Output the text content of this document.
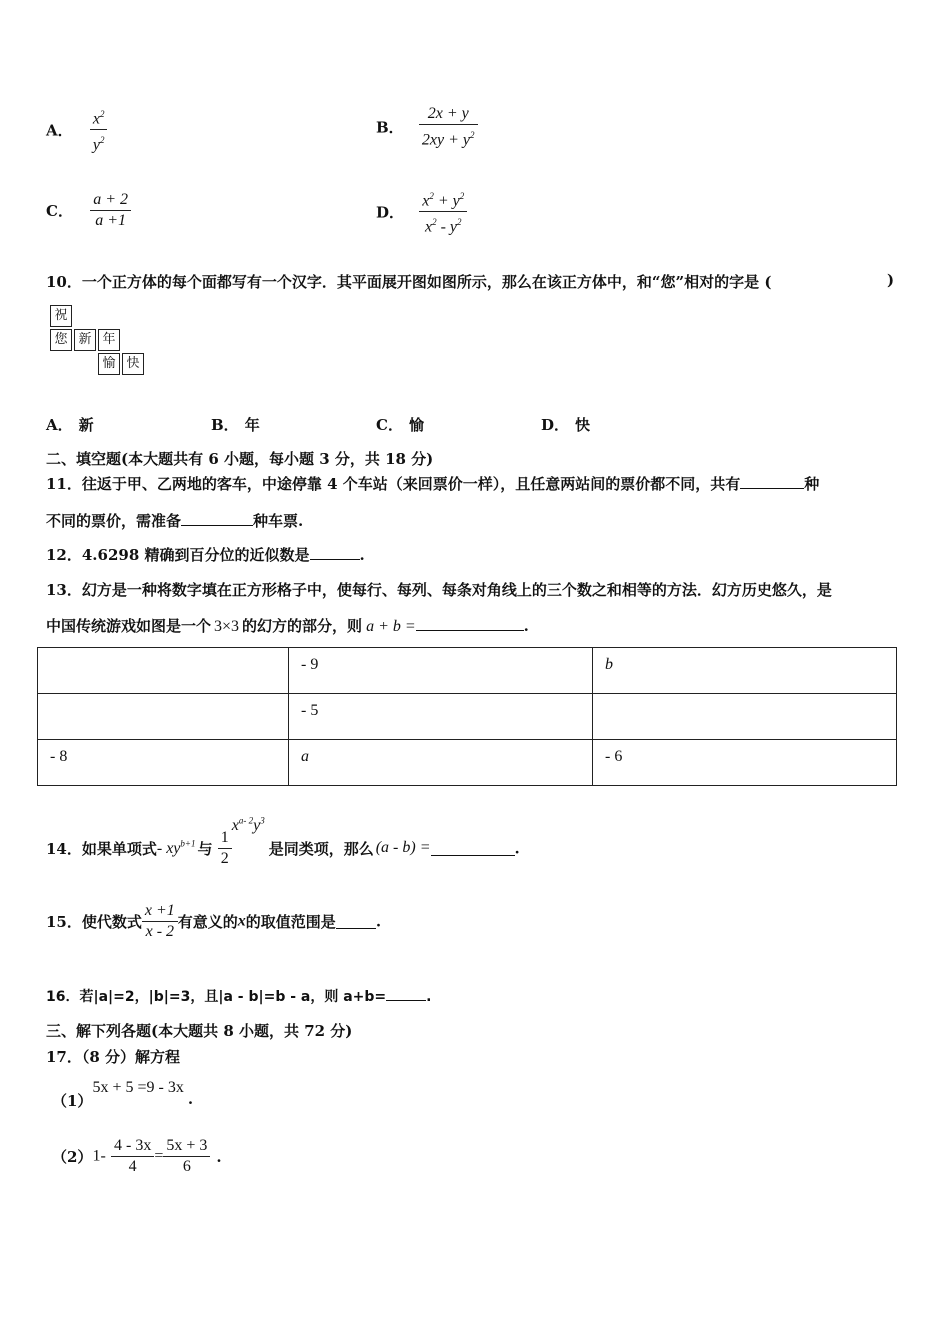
A． $\frac{x^2}{y^2}$	B． $\frac{2x + y}{2xy + y^2}$
C． $\frac{a + 2}{a +1}$	D． $\frac{x^2 + y^2}{x^2 - y^2}$
10．一个正方体的每个面都写有一个汉字．其平面展开图如图所示，那么在该正方体中，和“您”相对的字是 (	)
祝
您 新 年
愉 快
A． 新	B． 年	C． 愉	D． 快
二、填空题(本大题共有 6 小题，每小题 3 分，共 18 分)
11．往返于甲、乙两地的客车，中途停靠 4 个车站（来回票价一样），且任意两站间的票价都不同，共有	种
不同的票价，需准备	种车票.
12．4.6298 精确到百分位的近似数是	.
13．幻方是一种将数字填在正方形格子中，使每行、每列、每条对角线上的三个数之和相等的方法．幻方历史悠久，是
中国传统游戏如图是一个 3×3 的幻方的部分，则 a + b =	.
	- 9	b
	- 5	
- 8	a	- 6
14．如果单项式- $xy^{b+1}$ 与 $\frac{1}{2}$
$x^{a- 2}y^3$是同类项，那么 (a - b) =	.
15．使代数式 $\frac{x +1}{x - 2}$ 有意义的x的取值范围是	.
16．若|a|=2，|b|=3，且|a - b|=b - a，则 a+b=	.
三、解下列各题(本大题共 8 小题，共 72 分)
17．（8 分）解方程
（1）5x + 5 =9 - 3x.
$(2)1- \frac{4 - 3x}{4} = \frac{5x + 3}{6}$ .
